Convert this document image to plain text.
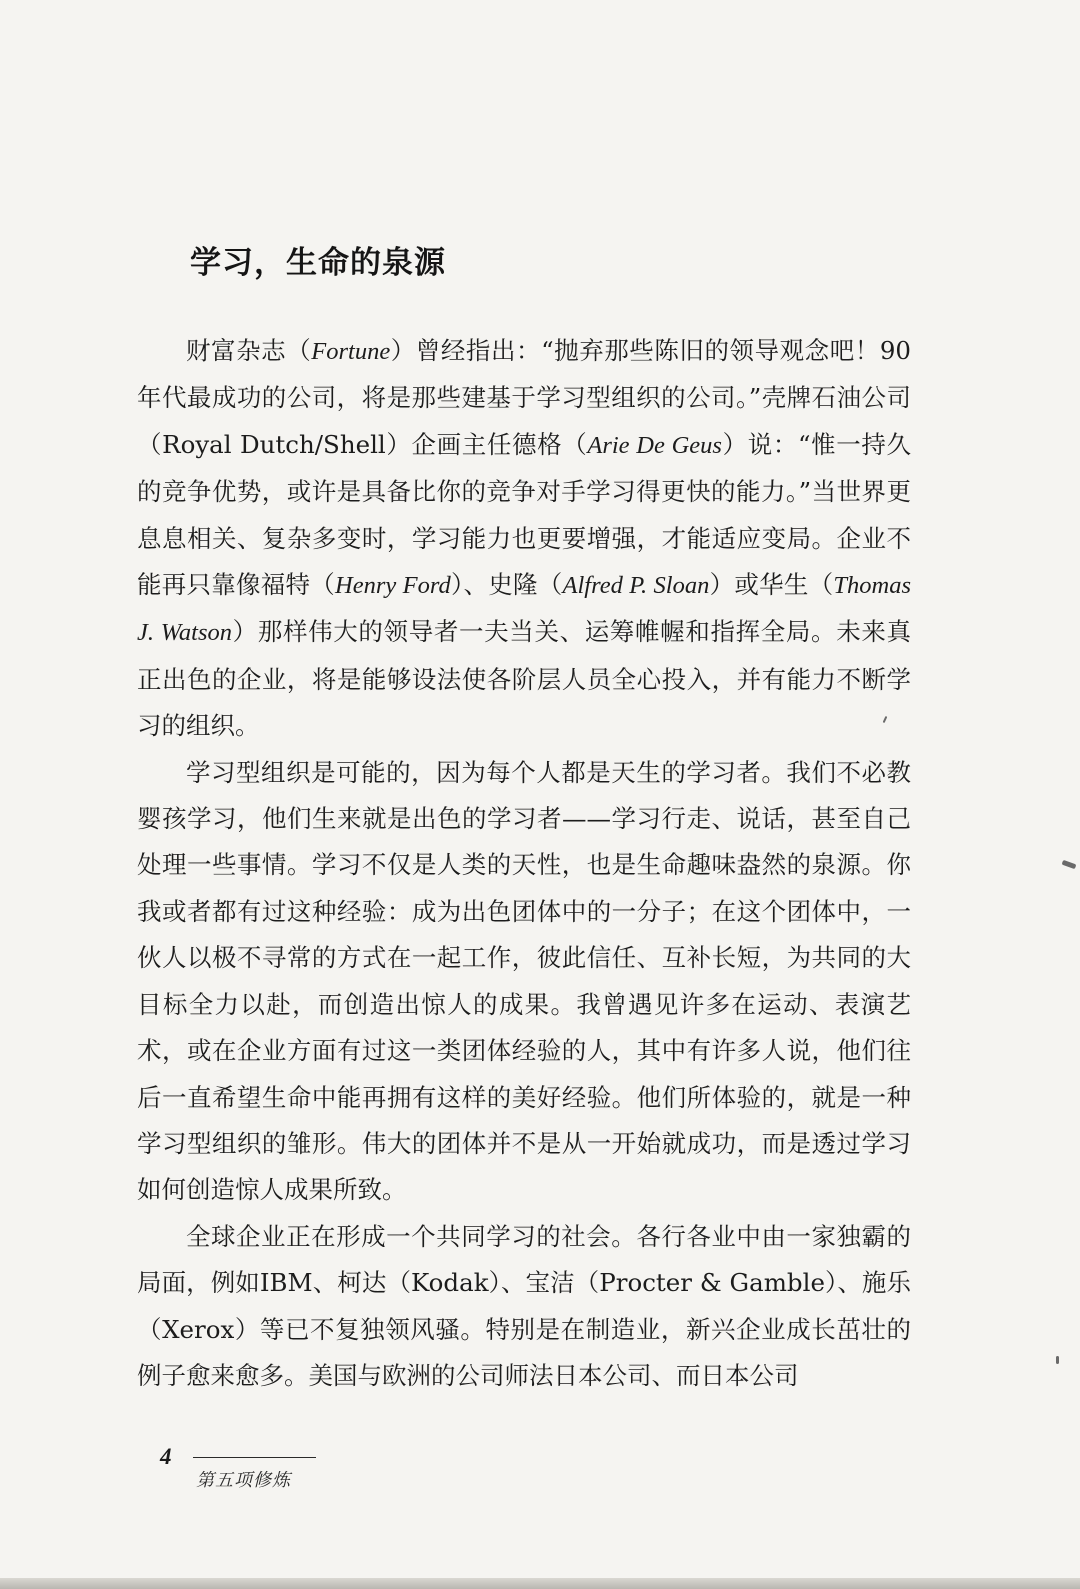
学习，生命的泉源

财富杂志（Fortune）曾经指出：“抛弃那些陈旧的领导观念吧！90年代最成功的公司，将是那些建基于学习型组织的公司。”壳牌石油公司（Royal Dutch/Shell）企画主任德格（Arie De Geus）说：“惟一持久的竞争优势，或许是具备比你的竞争对手学习得更快的能力。”当世界更息息相关、复杂多变时，学习能力也更要增强，才能适应变局。企业不能再只靠像福特（Henry Ford）、史隆（Alfred P. Sloan）或华生（Thomas J. Watson）那样伟大的领导者一夫当关、运筹帷幄和指挥全局。未来真正出色的企业，将是能够设法使各阶层人员全心投入，并有能力不断学习的组织。

学习型组织是可能的，因为每个人都是天生的学习者。我们不必教婴孩学习，他们生来就是出色的学习者——学习行走、说话，甚至自己处理一些事情。学习不仅是人类的天性，也是生命趣味盎然的泉源。你我或者都有过这种经验：成为出色团体中的一分子；在这个团体中，一伙人以极不寻常的方式在一起工作，彼此信任、互补长短，为共同的大目标全力以赴，而创造出惊人的成果。我曾遇见许多在运动、表演艺术，或在企业方面有过这一类团体经验的人，其中有许多人说，他们往后一直希望生命中能再拥有这样的美好经验。他们所体验的，就是一种学习型组织的雏形。伟大的团体并不是从一开始就成功，而是透过学习如何创造惊人成果所致。

全球企业正在形成一个共同学习的社会。各行各业中由一家独霸的局面，例如IBM、柯达（Kodak）、宝洁（Procter & Gamble）、施乐（Xerox）等已不复独领风骚。特别是在制造业，新兴企业成长茁壮的例子愈来愈多。美国与欧洲的公司师法日本公司、而日本公司

4
第五项修炼
